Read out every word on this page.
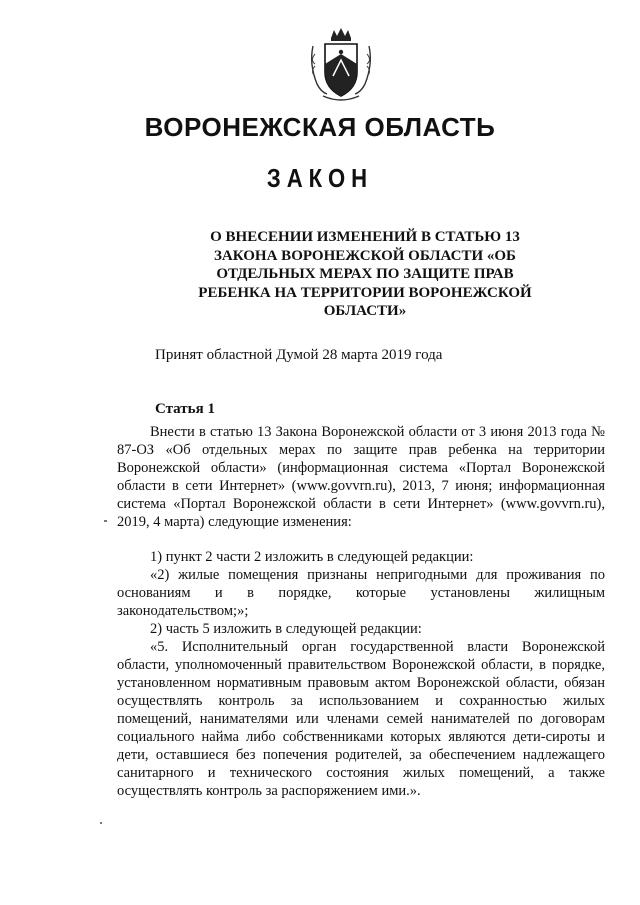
ВОРОНЕЖСКАЯ ОБЛАСТЬ
ЗАКОН
О ВНЕСЕНИИ ИЗМЕНЕНИЙ В СТАТЬЮ 13
ЗАКОНА ВОРОНЕЖСКОЙ ОБЛАСТИ «ОБ
ОТДЕЛЬНЫХ МЕРАХ ПО ЗАЩИТЕ ПРАВ
РЕБЕНКА НА ТЕРРИТОРИИ ВОРОНЕЖСКОЙ
ОБЛАСТИ»
Принят областной Думой 28 марта 2019 года
Статья 1

Внести в статью 13 Закона Воронежской области от 3 июня 2013 года № 87-ОЗ «Об отдельных мерах по защите прав ребенка на территории Воронежской области» (информационная система «Портал Воронежской области в сети Интернет» (www.govvrn.ru), 2013, 7 июня; информационная система «Портал Воронежской области в сети Интернет» (www.govvrn.ru), 2019, 4 марта) следующие изменения:

1) пункт 2 части 2 изложить в следующей редакции:

«2) жилые помещения признаны непригодными для проживания по основаниям и в порядке, которые установлены жилищным законодательством;»;

2) часть 5 изложить в следующей редакции:

«5. Исполнительный орган государственной власти Воронежской области, уполномоченный правительством Воронежской области, в порядке, установленном нормативным правовым актом Воронежской области, обязан осуществлять контроль за использованием и сохранностью жилых помещений, нанимателями или членами семей нанимателей по договорам социального найма либо собственниками которых являются дети-сироты и дети, оставшиеся без попечения родителей, за обеспечением надлежащего санитарного и технического состояния жилых помещений, а также осуществлять контроль за распоряжением ими.».
